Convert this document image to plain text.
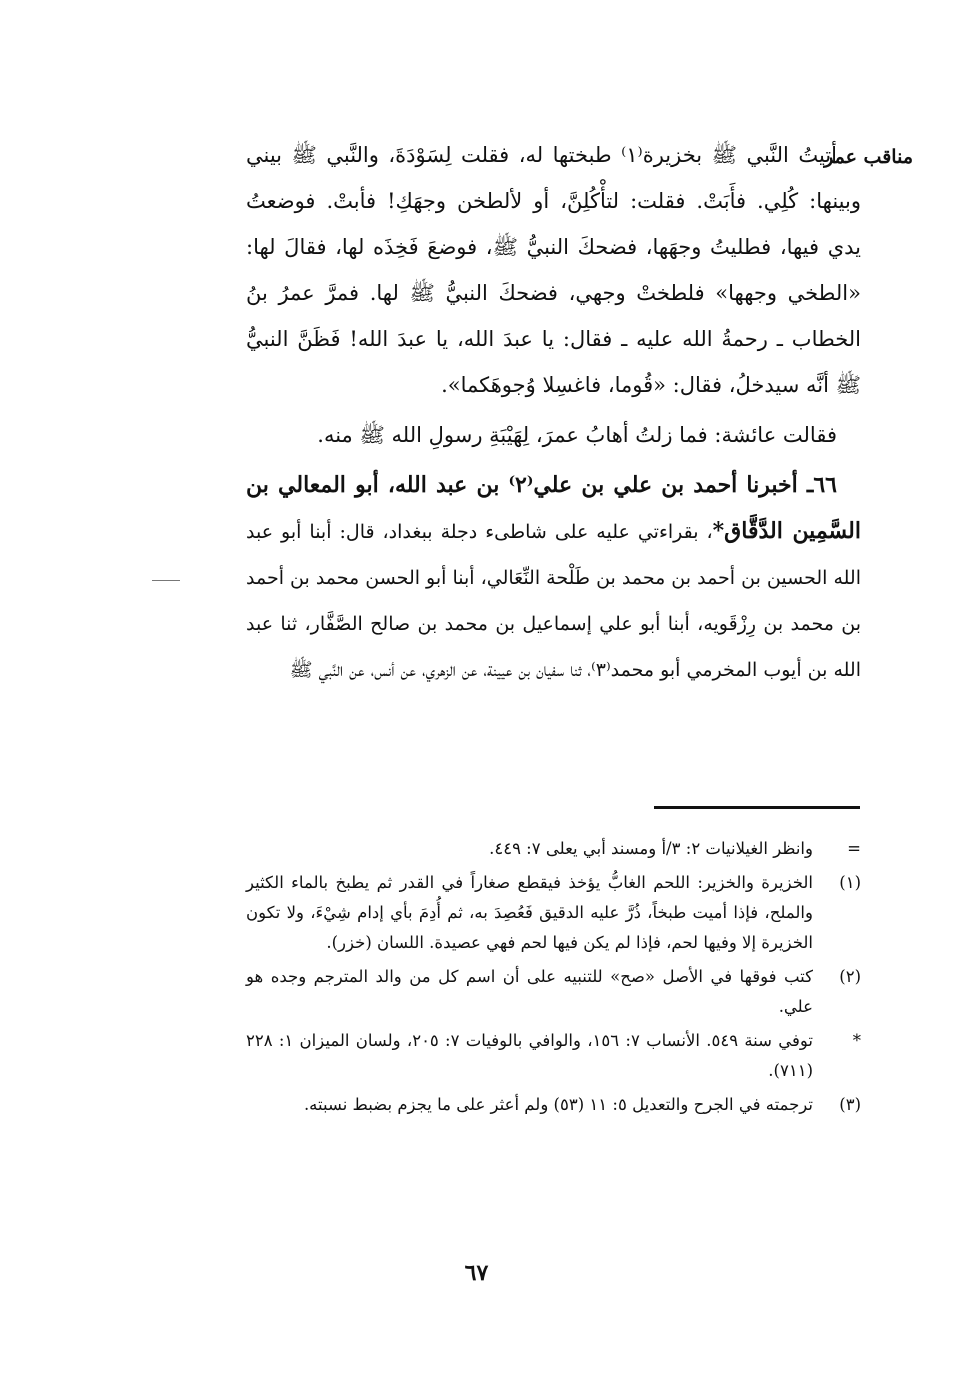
مناقب عمر

أتيتُ النَّبي ﷺ بخزيرة⁽١⁾ طبختها له، فقلت لِسَوْدَةَ، والنَّبي ﷺ بيني وبينها: كُلِي. فأَبَتْ. فقلت: لتأْكُلِنَّ، أو لألطخن وجهَكِ! فأبتْ. فوضعتُ يدي فيها، فطليتُ وجهَها، فضحكَ النبيُّ ﷺ، فوضعَ فَخِذَه لها، فقالَ لها: «الطخي وجهها» فلطختْ وجهي، فضحكَ النبيُّ ﷺ لها. فمرَّ عمرُ بنُ الخطاب ـ رحمةُ الله عليه ـ فقال: يا عبدَ الله، يا عبدَ الله! فَظَنَّ النبيُّ ﷺ أنَّه سيدخلُ، فقال: «قُوما، فاغسِلا وُجوهَكما».

فقالت عائشة: فما زلتُ أهابُ عمرَ، لِهَيْبَةِ رسولِ الله ﷺ منه.

٦٦ـ أخبرنا أحمد بن علي بن علي⁽٢⁾ بن عبد الله، أبو المعالي بن السَّمِين الدَّقَّاق*، بقراءتي عليه على شاطىء دجلة ببغداد، قال: أبنا أبو عبد الله الحسين بن أحمد بن محمد بن طَلْحة النِّعَالي، أبنا أبو الحسن محمد بن أحمد بن محمد بن رِزْقَويه، أبنا أبو علي إسماعيل بن محمد بن صالح الصَّفَّار، ثنا عبد الله بن أيوب المخرمي أبو محمد⁽٣⁾، ثنا سفيان بن عيينة، عن الزهري، عن أنس، عن النَّبي ﷺ

=
وانظر الغيلانيات ٢: ٣/أ ومسند أبي يعلى ٧: ٤٤٩.
(١)
الخزيرة والخزير: اللحم الغابُّ يؤخذ فيقطع صغاراً في القدر ثم يطبخ بالماء الكثير والملح، فإذا أميت طبخاً، ذُرَّ عليه الدقيق فَعُصِدَ به، ثم أُدِمَ بأي إدام شِيْءَ، ولا تكون الخزيرة إلا وفيها لحم، فإذا لم يكن فيها لحم فهي عصيدة. اللسان (خزر).
(٢)
كتب فوقها في الأصل «صح» للتنبيه على أن اسم كل من والد المترجم وجده هو علي.
*
توفي سنة ٥٤٩. الأنساب ٧: ١٥٦، والوافي بالوفيات ٧: ٢٠٥، ولسان الميزان ١: ٢٢٨ (٧١١).
(٣)
ترجمته في الجرح والتعديل ٥: ١١ (٥٣) ولم أعثر على ما يجزم بضبط نسبته.
٦٧
